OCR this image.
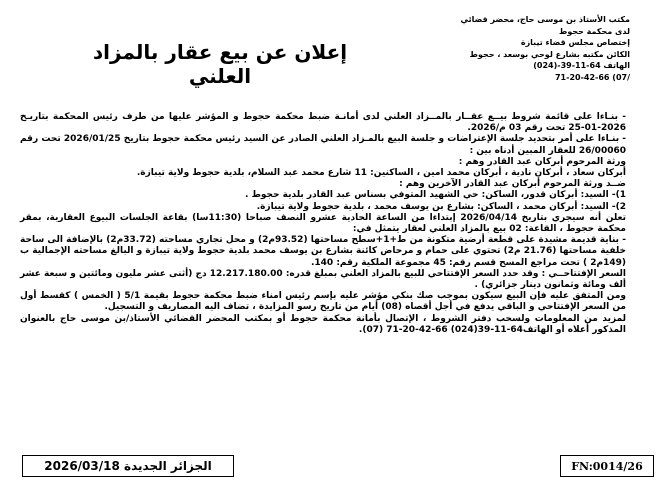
مكتب الأستاذ بن موسى حاج، محضر قضائي
لدى محكمة حجوط
إختصاص مجلس قضاء تيبازة
الكائن مكتبه بشارع لوحي بوسعد ، حجوط
الهاتف 64-11-39-(024)
/07) 71-20-42-66
إعلان عن بيع عقار بالمزاد العلني

- بنـاءا على قائمة شروط بيــع عقــار بالمــزاد العلني لدى أمانـة ضبط محكمة حجوط و المؤشر عليها من طرف رئيس المحكمة بتاريـخ 2026-01-25 تحت رقم 03 م/2026.

- بنـاءا على أمر بتحديد جلسة الإعتراضات و جلسة البيع بالمـزاد العلني الصادر عن السيد رئيس محكمة حجوط بتاريخ 2026/01/25 تحت رقم 26/00060 للعقار المبين أدناه بين :

ورثة المرحوم أبركان عبد القادر وهم :

أبركان سعاد ، أبركان نادية ، أبركان محمد امين ، الساكنين: 11 شارع محمد عبد السلام، بلدية حجوط ولاية تيبازة.

ضــد ورثة المرحوم أبركان عبد القادر الآخرين وهم :

1)- السيد: أبركان قدور، الساكن: حي الشهيد المتوفي بسناس عبد القادر بلدية حجوط .

2)- السيد: أبركان محمد ، الساكن: بشارع بن يوسف محمد ، بلدية حجوط ولاية تيبازة.

تعلن أنه سيجري بتاريخ 2026/04/14 إبتداءا من الساعة الحادية عشرو النصف صباحا (11:30سا) بقاعة الجلسات البيوع العقارية، بمقر محكمة حجوط ، القاعة: 02 بيع بالمزاد العلني لعقار يتمثل في:

- بناية قديمة مشيدة على قطعة أرضية متكونة من ط+1+سطح مساحتها (93.52م2) و محل تجاري مساحته (33.72م2) بالإضافة الى ساحة خلفية مساحتها (21.76 م2) تحتوي على حمام و مرحاض كائنة بشارع بن يوسف محمد بلدية حجوط ولاية تيبازة و البالغ مساحته الإجمالية ب (149م2 ) تحت مراجع المسح قسم رقم: 45 مجموعة الملكية رقم: 140.

السعر الإفتتاحــي : وقد حدد السعر الإفتتاحي للبيع بالمزاد العلني بمبلغ قدره: 12.217.180.00 دج (أثنى عشر مليون ومائتين و سبعة عشر ألف ومائة وثمانون دينار جزائري) .

ومن المتفق عليه فإن البيع سيكون بموجب صك بنكي مؤشر عليه بإسم رئيس امناء ضبط محكمة حجوط بقيمة 5/1 ( الخمس ) كقسط أول من السعر الإفتتاحي و الباقي يدفع في أجل أقصاه (08) أيام من تاريخ رسو المزايدة ، تضاف اليه المصاريف و التسجيل.

لمزيد من المعلومات ولسحب دفتر الشروط ، الإتصال بأمانة محكمة حجوط أو بمكتب المحضر القضائي الأستاذ/بن موسى حاج بالعنوان المذكور أعلاه أو الهاتف64-11-39(024) 66-42-20-71 (07).

الجزائر الجديدة 2026/03/18	FN:0014/26
